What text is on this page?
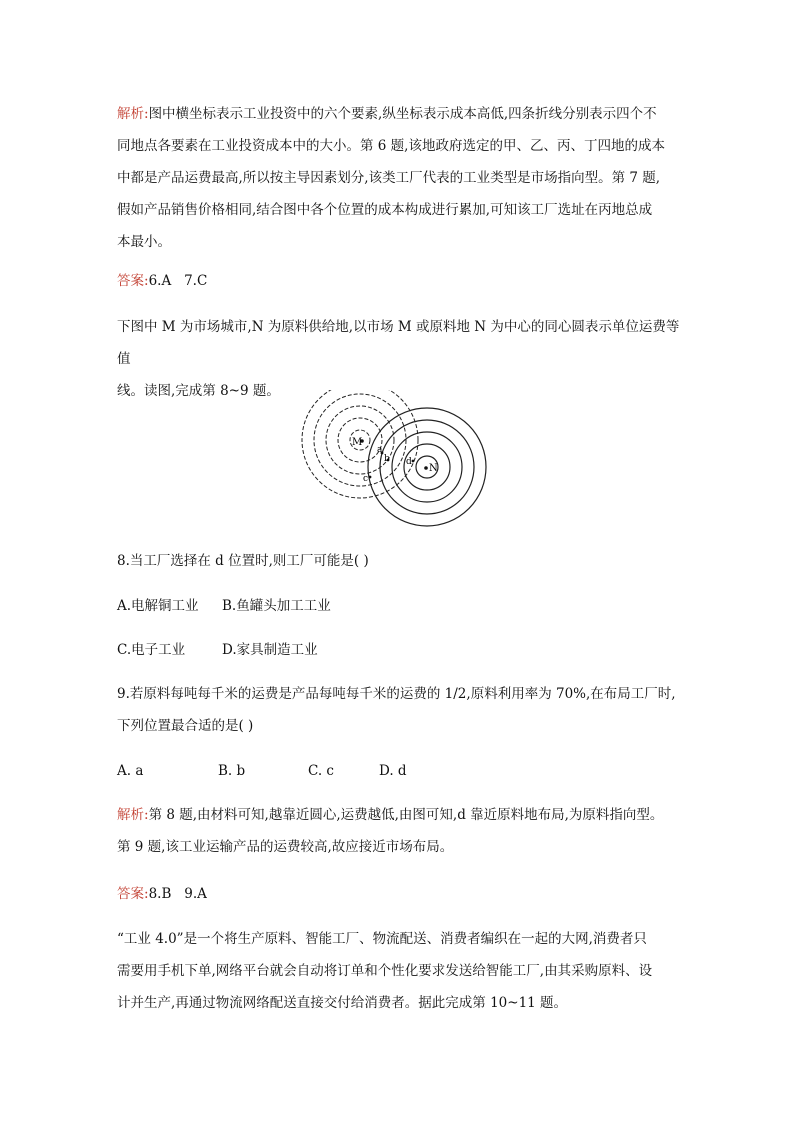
解析:图中横坐标表示工业投资中的六个要素,纵坐标表示成本高低,四条折线分别表示四个不
同地点各要素在工业投资成本中的大小。第 6 题,该地政府选定的甲、乙、丙、丁四地的成本
中都是产品运费最高,所以按主导因素划分,该类工厂代表的工业类型是市场指向型。第 7 题,
假如产品销售价格相同,结合图中各个位置的成本构成进行累加,可知该工厂选址在丙地总成
本最小。
答案:6.A   7.C
下图中 M 为市场城市,N 为原料供给地,以市场 M 或原料地 N 为中心的同心圆表示单位运费等值
线。读图,完成第 8~9 题。
M
N
a
b
c
d
8.当工厂选择在 d 位置时,则工厂可能是( )
A.电解铜工业 B.鱼罐头加工工业
C.电子工业	D.家具制造工业
9.若原料每吨每千米的运费是产品每吨每千米的运费的 1/2,原料利用率为 70%,在布局工厂时,
下列位置最合适的是( )
A. a	B. b	C. c	D. d
解析:第 8 题,由材料可知,越靠近圆心,运费越低,由图可知,d 靠近原料地布局,为原料指向型。
第 9 题,该工业运输产品的运费较高,故应接近市场布局。
答案:8.B   9.A
“工业 4.0”是一个将生产原料、智能工厂、物流配送、消费者编织在一起的大网,消费者只
需要用手机下单,网络平台就会自动将订单和个性化要求发送给智能工厂,由其采购原料、设
计并生产,再通过物流网络配送直接交付给消费者。据此完成第 10~11 题。
